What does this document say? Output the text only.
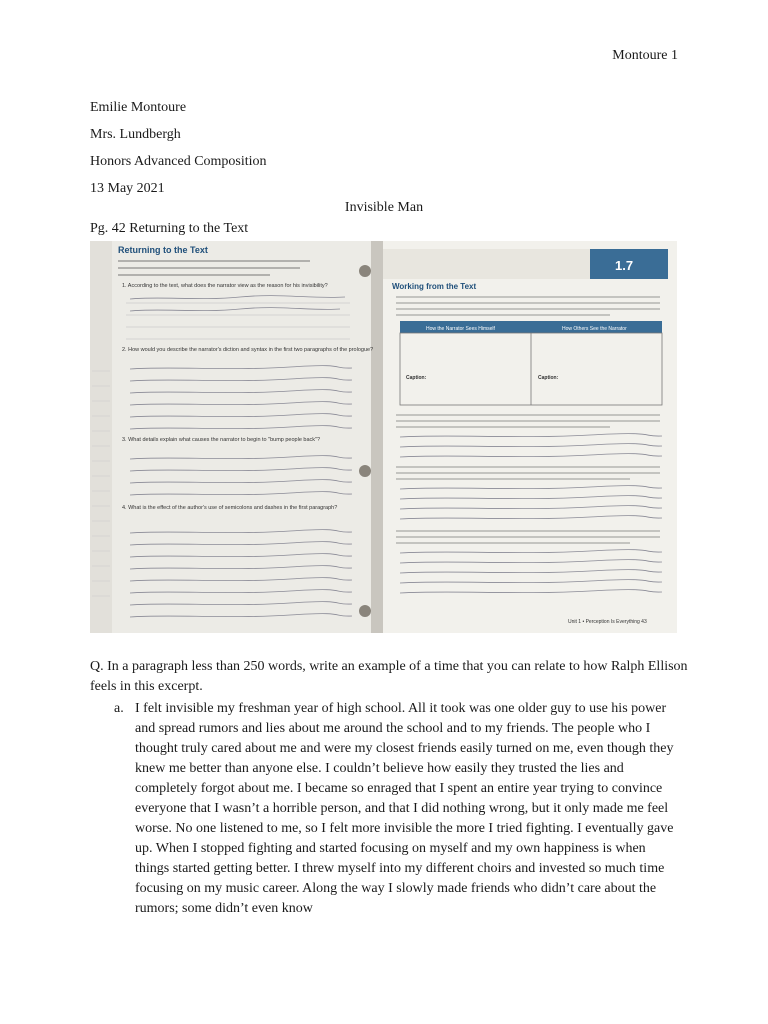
Montoure 1
Emilie Montoure
Mrs. Lundbergh
Honors Advanced Composition
13 May 2021
Invisible Man
Pg. 42 Returning to the Text
1.7
Returning to the Text
1. According to the text, what does the narrator view as the reason for his invisibility?
2. How would you describe the narrator's diction and syntax in the first two paragraphs of the prologue?
3. What details explain what causes the narrator to begin to "bump people back"?
4. What is the effect of the author's use of semicolons and dashes in the first paragraph?
Working from the Text
How the Narrator Sees Himself	How Others See the Narrator
Caption:	Caption:
Unit 1 • Perception Is Everything 43
Q. In a paragraph less than 250 words, write an example of a time that you can relate to how Ralph Ellison feels in this excerpt.
a. I felt invisible my freshman year of high school. All it took was one older guy to use his power and spread rumors and lies about me around the school and to my friends. The people who I thought truly cared about me and were my closest friends easily turned on me, even though they knew me better than anyone else. I couldn’t believe how easily they trusted the lies and completely forgot about me. I became so enraged that I spent an entire year trying to convince everyone that I wasn’t a horrible person, and that I did nothing wrong, but it only made me feel worse. No one listened to me, so I felt more invisible the more I tried fighting. I eventually gave up. When I stopped fighting and started focusing on myself and my own happiness is when things started getting better. I threw myself into my different choirs and invested so much time focusing on my music career. Along the way I slowly made friends who didn’t care about the rumors; some didn’t even know
